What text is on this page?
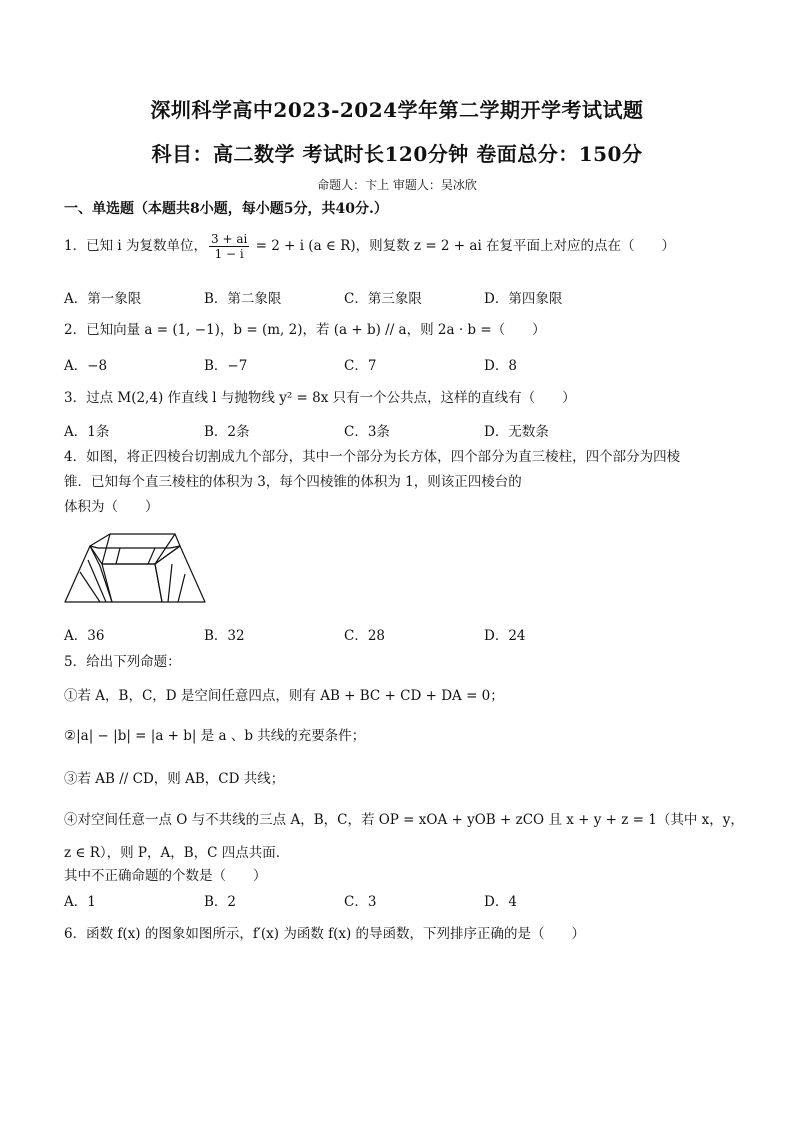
深圳科学高中2023-2024学年第二学期开学考试试题
科目：高二数学 考试时长120分钟 卷面总分：150分
命题人：卞上 审题人：吴冰欣
一、单选题（本题共8小题，每小题5分，共40分.）
1．已知 i 为复数单位， $\frac{3 + ai}{1 - i} = 2 + i$ (a ∈ R)，则复数 z = 2 + ai 在复平面上对应的点在（　　）
A．第一象限	B．第二象限	C．第三象限	D．第四象限
2．已知向量 a = (1, −1)，b = (m, 2)，若 (a + b) // a，则 2a · b =（　　）
A．−8	B．−7	C．7	D．8
3．过点 M(2,4) 作直线 l 与抛物线 y² = 8x 只有一个公共点，这样的直线有（　　）
A．1条	B．2条	C．3条	D．无数条
4．如图，将正四棱台切割成九个部分，其中一个部分为长方体，四个部分为直三棱柱，四个部分为四棱
锥．已知每个直三棱柱的体积为 3，每个四棱锥的体积为 1，则该正四棱台的
体积为（　　）
A．36	B．32	C．28	D．24
5．给出下列命题：
①若 A，B，C，D 是空间任意四点，则有 AB + BC + CD + DA = 0；
②|a| − |b| = |a + b| 是 a 、b 共线的充要条件；
③若 AB // CD，则 AB，CD 共线；
④对空间任意一点 O 与不共线的三点 A，B，C，若 OP = xOA + yOB + zCO 且 x + y + z = 1（其中 x，y，
z ∈ R），则 P，A，B，C 四点共面．
其中不正确命题的个数是（　　）
A．1	B．2	C．3	D．4
6．函数 f(x) 的图象如图所示，f′(x) 为函数 f(x) 的导函数，下列排序正确的是（　　）
